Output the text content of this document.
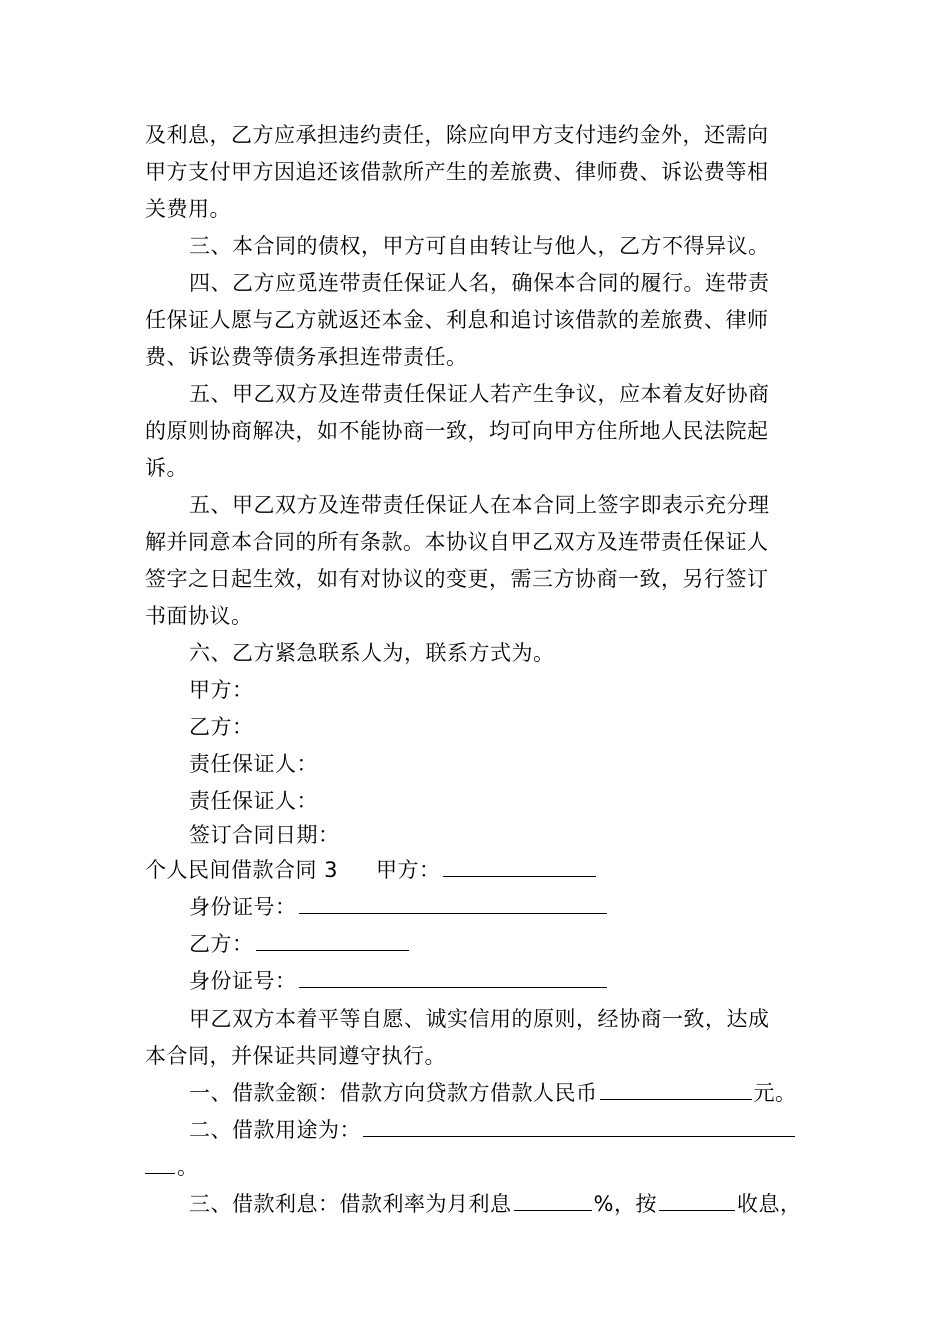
及利息，乙方应承担违约责任，除应向甲方支付违约金外，还需向
甲方支付甲方因追还该借款所产生的差旅费、律师费、诉讼费等相
关费用。
三、本合同的债权，甲方可自由转让与他人，乙方不得异议。
四、乙方应觅连带责任保证人名，确保本合同的履行。连带责
任保证人愿与乙方就返还本金、利息和追讨该借款的差旅费、律师
费、诉讼费等债务承担连带责任。
五、甲乙双方及连带责任保证人若产生争议，应本着友好协商
的原则协商解决，如不能协商一致，均可向甲方住所地人民法院起
诉。
五、甲乙双方及连带责任保证人在本合同上签字即表示充分理
解并同意本合同的所有条款。本协议自甲乙双方及连带责任保证人
签字之日起生效，如有对协议的变更，需三方协商一致，另行签订
书面协议。
六、乙方紧急联系人为，联系方式为。
甲方：
乙方：
责任保证人：
责任保证人：
签订合同日期：
个人民间借款合同 3 甲方：
身份证号：
乙方：
身份证号：
甲乙双方本着平等自愿、诚实信用的原则，经协商一致，达成
本合同，并保证共同遵守执行。
一、借款金额：借款方向贷款方借款人民币	元。
二、借款用途为：
。
三、借款利息：借款利率为月利息	%，按	收息，
